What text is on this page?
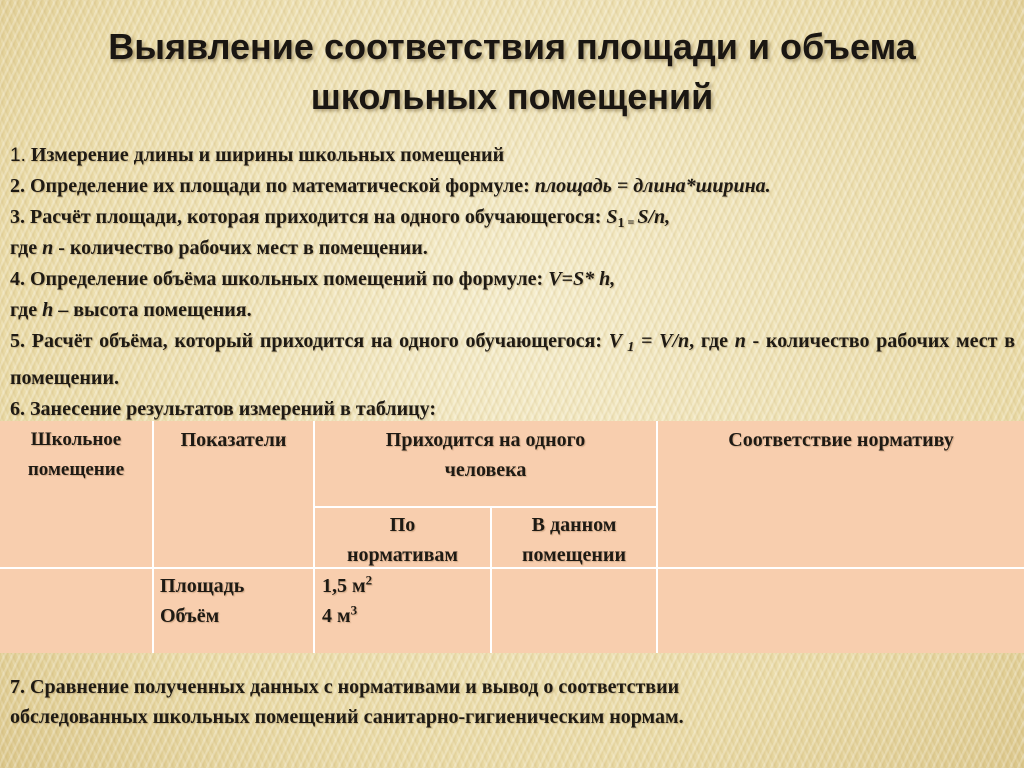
Выявление соответствия площади и объема
школьных помещений
1. Измерение длины и ширины школьных помещений
2. Определение их площади по математической формуле: площадь = длина*ширина.
3. Расчёт площади, которая приходится на одного обучающегося: $S_1 = S/n$,
где n - количество рабочих мест в помещении.
4. Определение объёма школьных помещений по формуле: V=S* h,
где h – высота помещения.
5. Расчёт объёма, который приходится на одного обучающегося: V $_1$ = V/n, где n - количество рабочих мест в помещении.
6. Занесение результатов измерений в таблицу:
Школьное
помещение
Показатели	Приходится на одного
человека
Соответствие нормативу
По
нормативам
В данном
помещении
Площадь
Объём
1,5 $м^2$
4 $м^3$
7. Сравнение полученных данных с нормативами и вывод о соответствии
обследованных школьных помещений санитарно-гигиеническим нормам.
